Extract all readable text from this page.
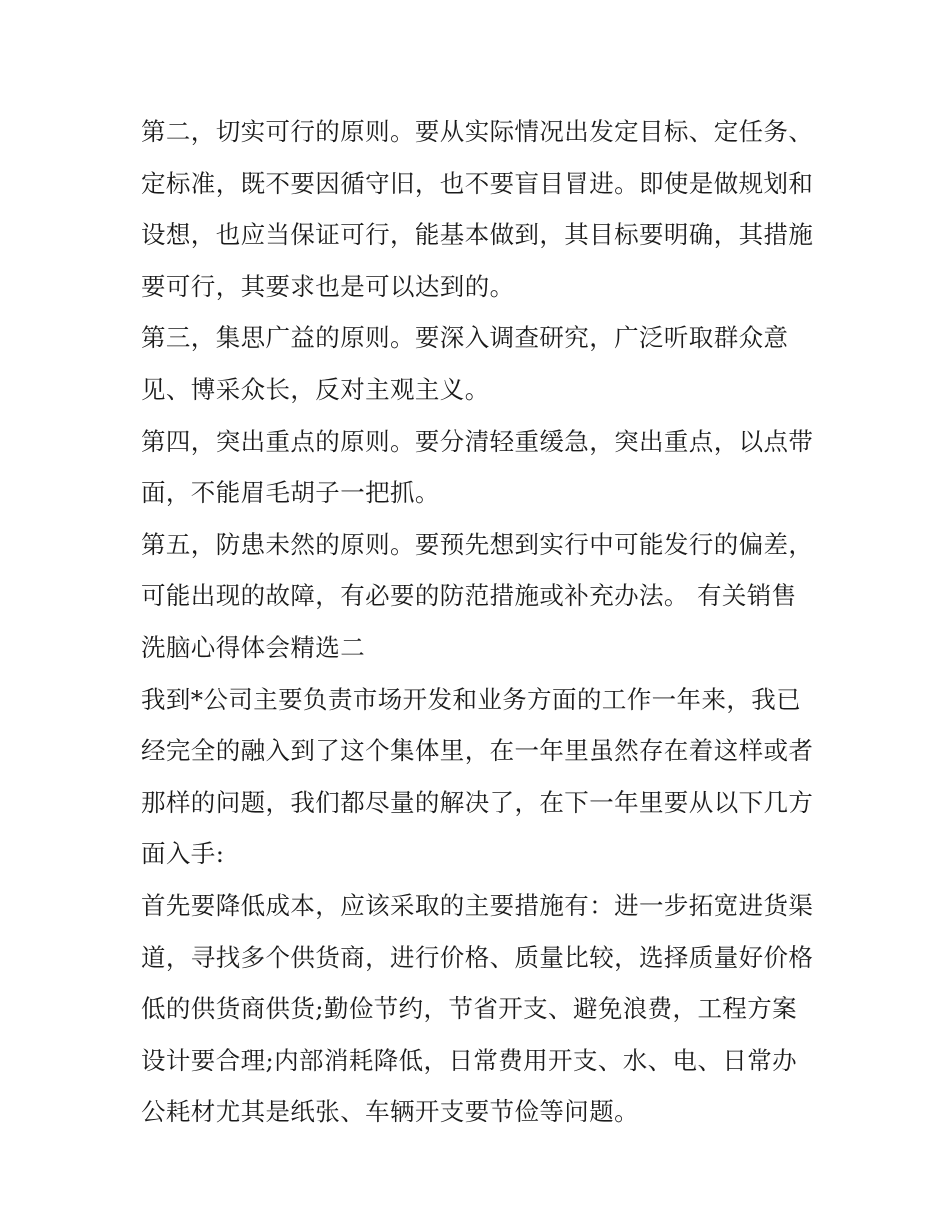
第二，切实可行的原则。要从实际情况出发定目标、定任务、
定标准，既不要因循守旧，也不要盲目冒进。即使是做规划和
设想，也应当保证可行，能基本做到，其目标要明确，其措施
要可行，其要求也是可以达到的。
第三，集思广益的原则。要深入调查研究，广泛听取群众意
见、博采众长，反对主观主义。
第四，突出重点的原则。要分清轻重缓急，突出重点，以点带
面，不能眉毛胡子一把抓。
第五，防患未然的原则。要预先想到实行中可能发行的偏差，
可能出现的故障，有必要的防范措施或补充办法。 有关销售
洗脑心得体会精选二
我到*公司主要负责市场开发和业务方面的工作一年来，我已
经完全的融入到了这个集体里，在一年里虽然存在着这样或者
那样的问题，我们都尽量的解决了，在下一年里要从以下几方
面入手:
首先要降低成本，应该采取的主要措施有：进一步拓宽进货渠
道，寻找多个供货商，进行价格、质量比较，选择质量好价格
低的供货商供货;勤俭节约，节省开支、避免浪费，工程方案
设计要合理;内部消耗降低，日常费用开支、水、电、日常办
公耗材尤其是纸张、车辆开支要节俭等问题。
